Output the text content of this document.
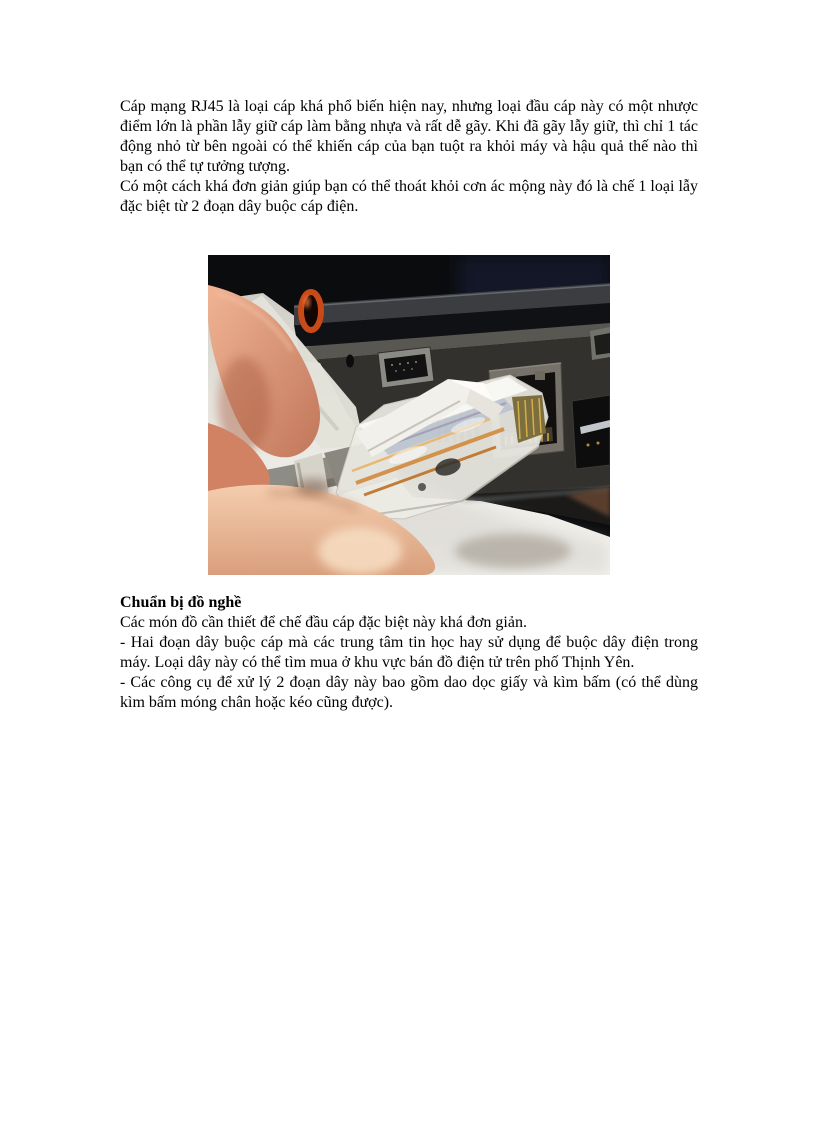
Cáp mạng RJ45 là loại cáp khá phổ biến hiện nay, nhưng loại đầu cáp này có một nhược điểm lớn là phần lẫy giữ cáp làm bằng nhựa và rất dễ gãy. Khi đã gãy lẫy giữ, thì chỉ 1 tác động nhỏ từ bên ngoài có thể khiến cáp của bạn tuột ra khỏi máy và hậu quả thế nào thì bạn có thể tự tưởng tượng.

Có một cách khá đơn giản giúp bạn có thể thoát khỏi cơn ác mộng này đó là chế 1 loại lẫy đặc biệt từ 2 đoạn dây buộc cáp điện.

Chuẩn bị đồ nghề

Các món đồ cần thiết để chế đầu cáp đặc biệt này khá đơn giản.

- Hai đoạn dây buộc cáp mà các trung tâm tin học hay sử dụng để buộc dây điện trong máy. Loại dây này có thể tìm mua ở khu vực bán đồ điện tử trên phố Thịnh Yên.

- Các công cụ để xử lý 2 đoạn dây này bao gồm dao dọc giấy và kìm bấm (có thể dùng kìm bấm móng chân hoặc kéo cũng được).
